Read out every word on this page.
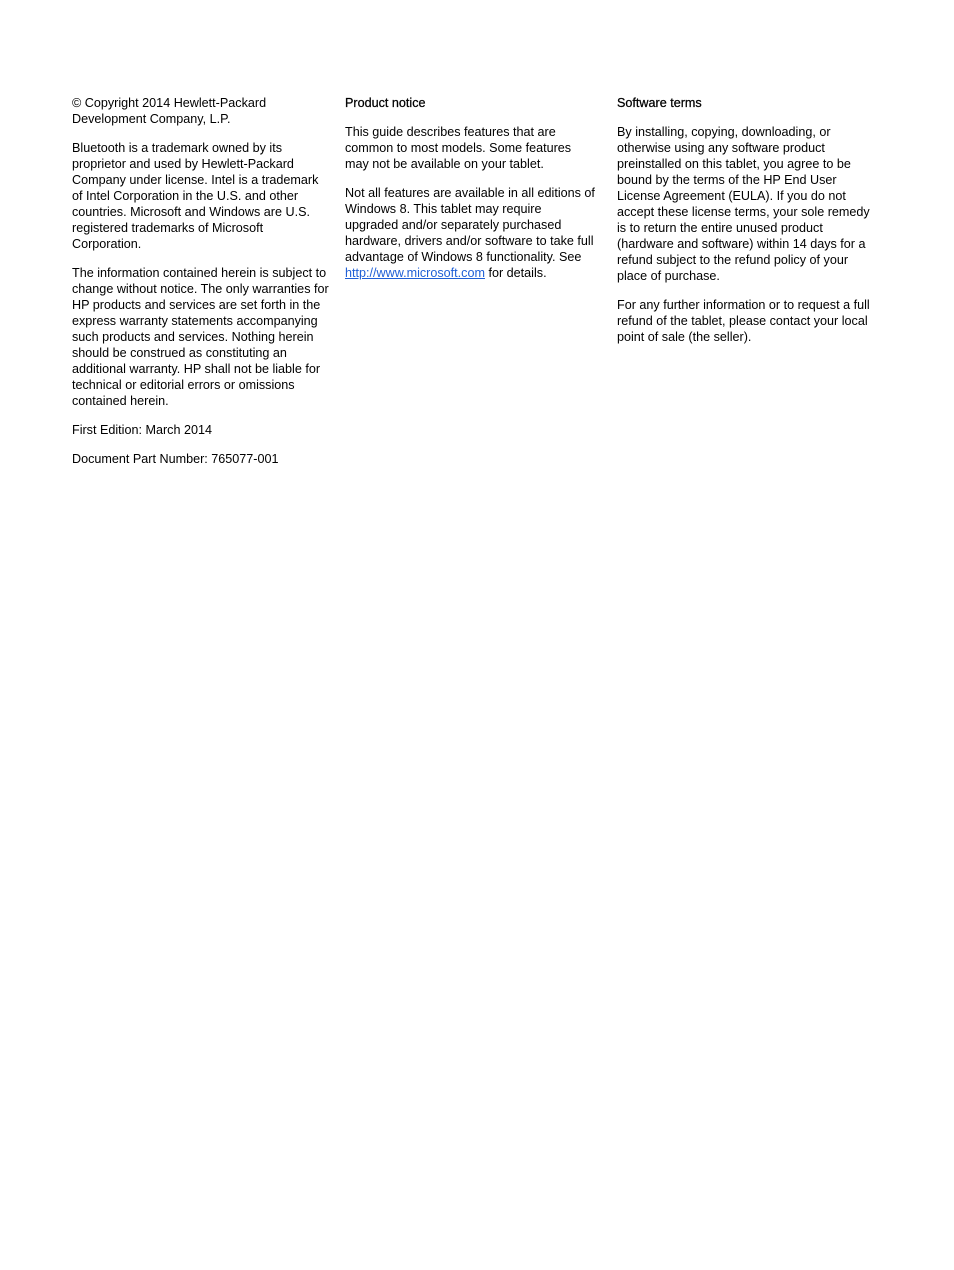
© Copyright 2014 Hewlett-Packard Development Company, L.P.

Bluetooth is a trademark owned by its proprietor and used by Hewlett-Packard Company under license. Intel is a trademark of Intel Corporation in the U.S. and other countries. Microsoft and Windows are U.S. registered trademarks of Microsoft Corporation.

The information contained herein is subject to change without notice. The only warranties for HP products and services are set forth in the express warranty statements accompanying such products and services. Nothing herein should be construed as constituting an additional warranty. HP shall not be liable for technical or editorial errors or omissions contained herein.

First Edition: March 2014

Document Part Number: 765077-001

Product notice

This guide describes features that are common to most models. Some features may not be available on your tablet.

Not all features are available in all editions of Windows 8. This tablet may require upgraded and/or separately purchased hardware, drivers and/or software to take full advantage of Windows 8 functionality. See http://www.microsoft.com for details.

Software terms

By installing, copying, downloading, or otherwise using any software product preinstalled on this tablet, you agree to be bound by the terms of the HP End User License Agreement (EULA). If you do not accept these license terms, your sole remedy is to return the entire unused product (hardware and software) within 14 days for a refund subject to the refund policy of your place of purchase.

For any further information or to request a full refund of the tablet, please contact your local point of sale (the seller).
